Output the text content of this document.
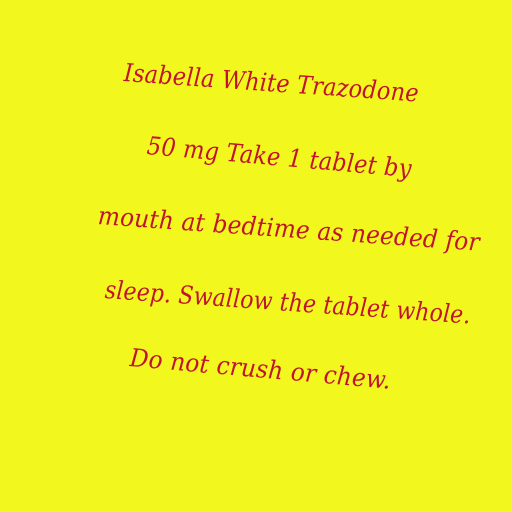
Isabella White Trazodone
50 mg Take 1 tablet by
mouth at bedtime as needed for
sleep. Swallow the tablet whole.
Do not crush or chew.
